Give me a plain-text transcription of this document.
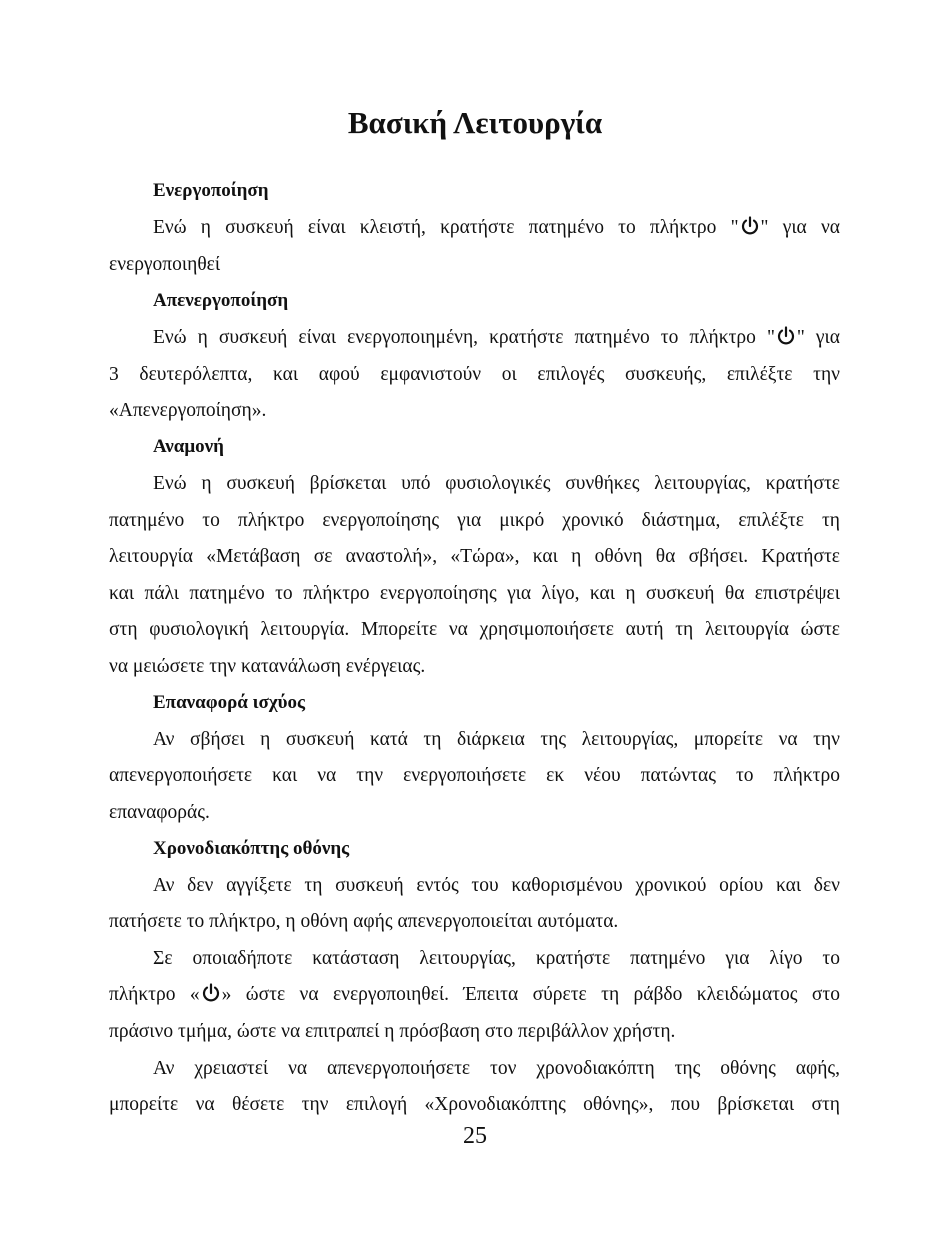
Βασική Λειτουργία
Ενεργοποίηση
Ενώ η συσκευή είναι κλειστή, κρατήστε πατημένο το πλήκτρο " " για να
ενεργοποιηθεί
Απενεργοποίηση
Ενώ η συσκευή είναι ενεργοποιημένη, κρατήστε πατημένο το πλήκτρο " " για
3 δευτερόλεπτα, και αφού εμφανιστούν οι επιλογές συσκευής, επιλέξτε την
«Απενεργοποίηση».
Αναμονή
Ενώ η συσκευή βρίσκεται υπό φυσιολογικές συνθήκες λειτουργίας, κρατήστε
πατημένο το πλήκτρο ενεργοποίησης για μικρό χρονικό διάστημα, επιλέξτε τη
λειτουργία «Μετάβαση σε αναστολή», «Τώρα», και η οθόνη θα σβήσει. Κρατήστε
και πάλι πατημένο το πλήκτρο ενεργοποίησης για λίγο, και η συσκευή θα επιστρέψει
στη φυσιολογική λειτουργία. Μπορείτε να χρησιμοποιήσετε αυτή τη λειτουργία ώστε
να μειώσετε την κατανάλωση ενέργειας.
Επαναφορά ισχύος
Αν σβήσει η συσκευή κατά τη διάρκεια της λειτουργίας, μπορείτε να την
απενεργοποιήσετε και να την ενεργοποιήσετε εκ νέου πατώντας το πλήκτρο
επαναφοράς.
Χρονοδιακόπτης οθόνης
Αν δεν αγγίξετε τη συσκευή εντός του καθορισμένου χρονικού ορίου και δεν
πατήσετε το πλήκτρο, η οθόνη αφής απενεργοποιείται αυτόματα.
Σε οποιαδήποτε κατάσταση λειτουργίας, κρατήστε πατημένο για λίγο το
πλήκτρο « » ώστε να ενεργοποιηθεί. Έπειτα σύρετε τη ράβδο κλειδώματος στο
πράσινο τμήμα, ώστε να επιτραπεί η πρόσβαση στο περιβάλλον χρήστη.
Αν χρειαστεί να απενεργοποιήσετε τον χρονοδιακόπτη της οθόνης αφής,
μπορείτε να θέσετε την επιλογή «Χρονοδιακόπτης οθόνης», που βρίσκεται στη
25
